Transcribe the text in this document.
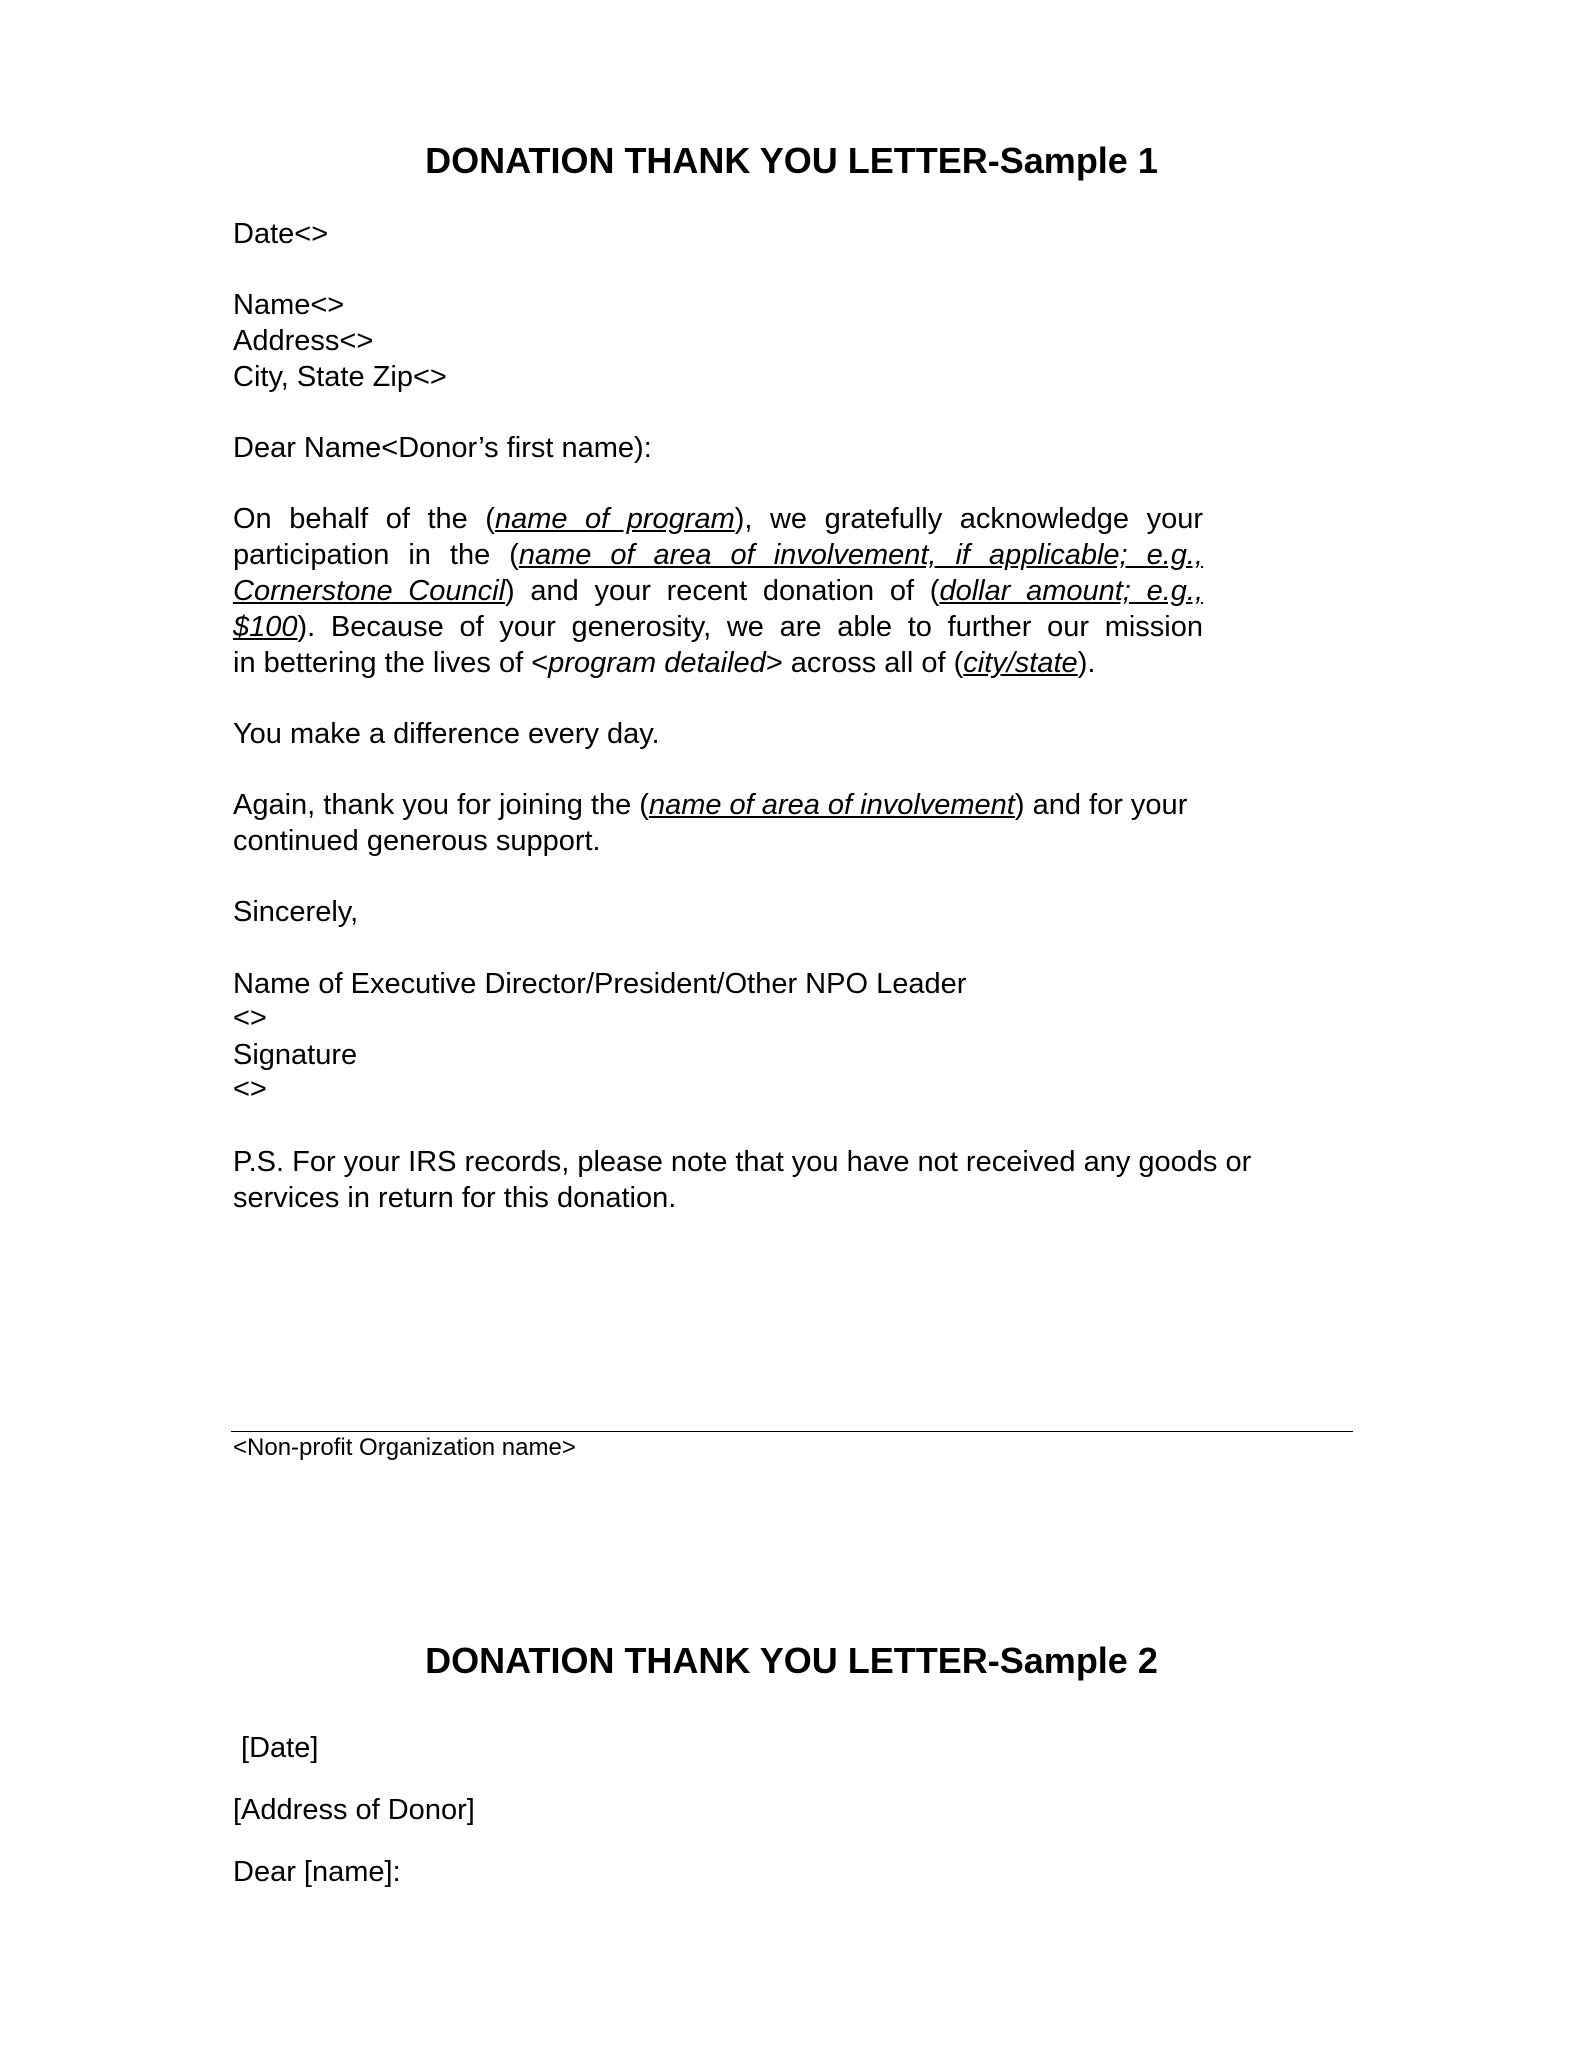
DONATION THANK YOU LETTER-Sample 1
Date<>
Name<>
Address<>
City, State Zip<>
Dear Name<Donor’s first name):
On behalf of the (name of program), we gratefully acknowledge your
participation in the (name of area of involvement, if applicable; e.g.,
Cornerstone Council) and your recent donation of (dollar amount; e.g.,
$100). Because of your generosity, we are able to further our mission
in bettering the lives of <program detailed> across all of (city/state).
You make a difference every day.
Again, thank you for joining the (name of area of involvement) and for your
continued generous support.
Sincerely,
Name of Executive Director/President/Other NPO Leader
<>
Signature
<>
P.S. For your IRS records, please note that you have not received any goods or
services in return for this donation.
<Non-profit Organization name>
DONATION THANK YOU LETTER-Sample 2
[Date]
[Address of Donor]
Dear [name]:
